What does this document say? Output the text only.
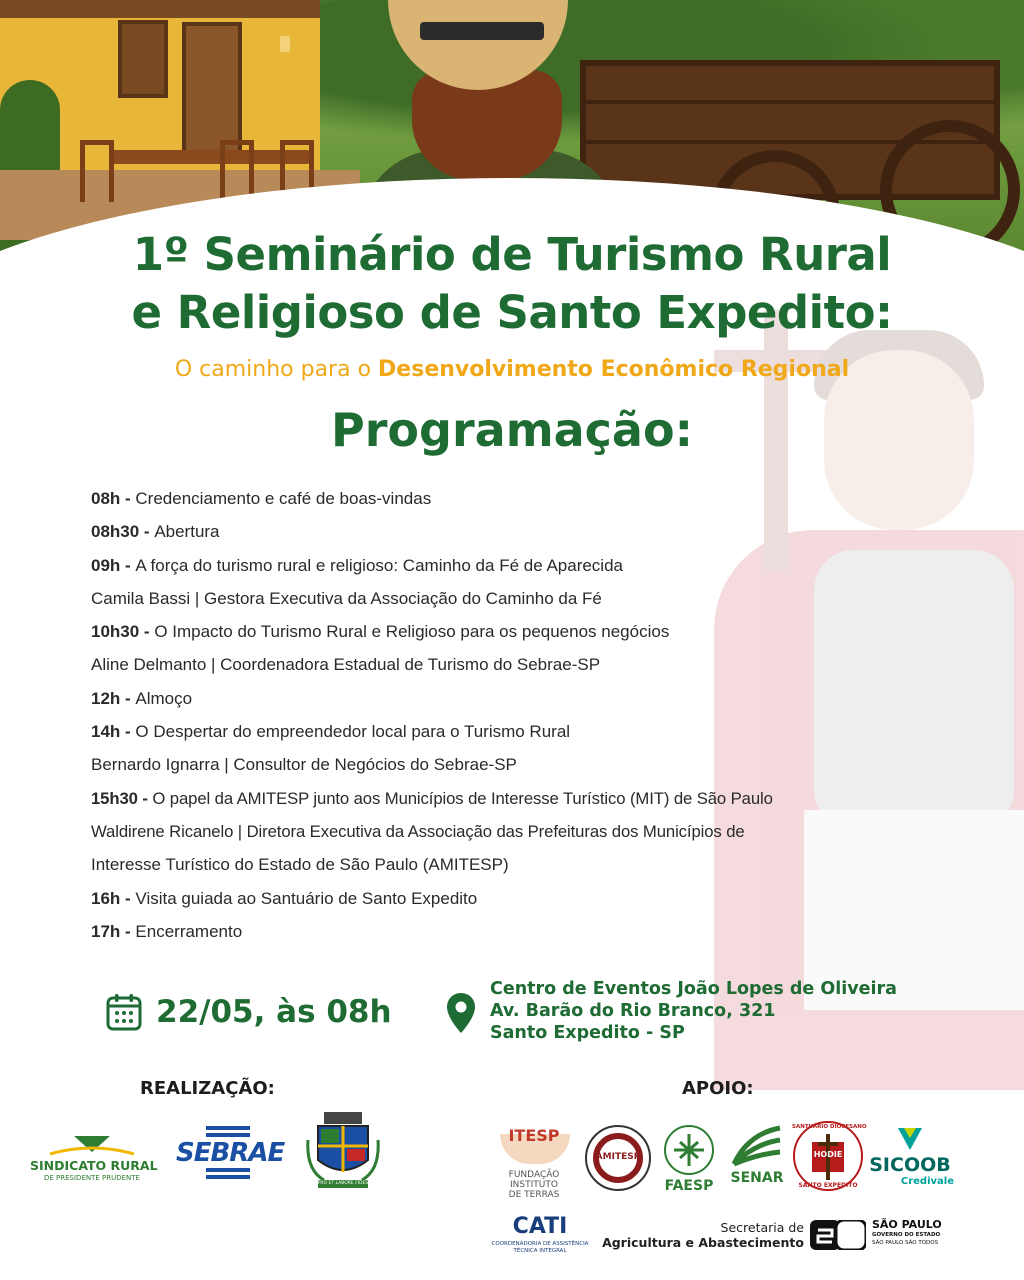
1º Seminário de Turismo Rural
e Religioso de Santo Expedito:

O caminho para o Desenvolvimento Econômico Regional

Programação:
08h - Credenciamento e café de boas-vindas
08h30 - Abertura
09h - A força do turismo rural e religioso: Caminho da Fé de Aparecida
Camila Bassi | Gestora Executiva da Associação do Caminho da Fé
10h30 - O Impacto do Turismo Rural e Religioso para os pequenos negócios
Aline Delmanto | Coordenadora Estadual de Turismo do Sebrae-SP
12h - Almoço
14h - O Despertar do empreendedor local para o Turismo Rural
Bernardo Ignarra | Consultor de Negócios do Sebrae-SP
15h30 - O papel da AMITESP junto aos Municípios de Interesse Turístico (MIT) de São Paulo
Waldirene Ricanelo | Diretora Executiva da Associação das Prefeituras dos Municípios de
Interesse Turístico do Estado de São Paulo (AMITESP)
16h - Visita guiada ao Santuário de Santo Expedito
17h - Encerramento
22/05, às 08h
Centro de Eventos João Lopes de Oliveira
Av. Barão do Rio Branco, 321
Santo Expedito - SP
REALIZAÇÃO:	APOIO:
SINDICATO RURAL
DE PRESIDENTE PRUDENTE
SEBRAE
PRO ET LABORE FIDES
ITESP
FUNDAÇÃO
INSTITUTO
DE TERRAS
AMITESP
FAESP	SENAR
SANTUÁRIO DIOCESANO
HODIE
SANTO EXPEDITO
SICOOB
Credivale
CATI
COORDENADORIA DE ASSISTÊNCIA
TÉCNICA INTEGRAL
Secretaria de
Agricultura e Abastecimento
SÃO PAULO
GOVERNO DO ESTADO
SÃO PAULO SÃO TODOS
